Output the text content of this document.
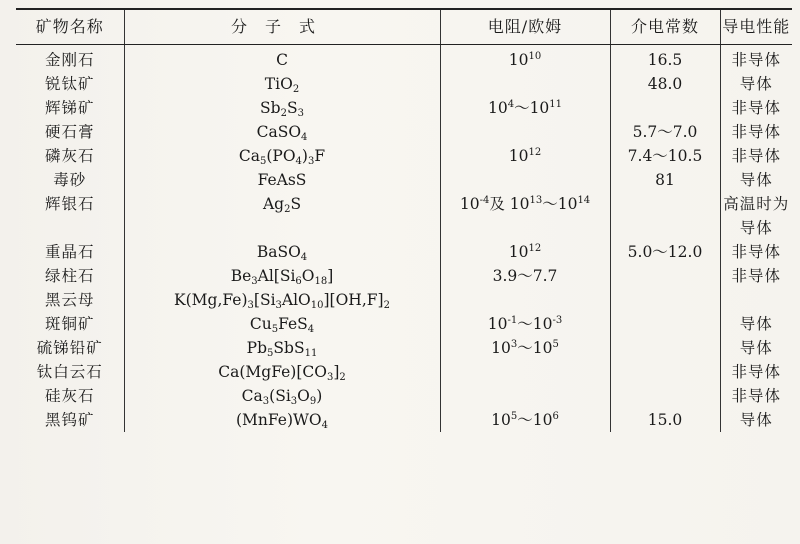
矿物名称	分子式	电阻/欧姆	介电常数	导电性能
金刚石	C	$10^{10}$	16.5	非导体
锐钛矿	TiO$_2$		48.0	导体
辉锑矿	$Sb_2S_3$	$10^4\sim 10^{11}$		非导体
硬石膏	CaSO$_4$		5.7～7.0	非导体
磷灰石	$Ca_5(PO_4)_3F$	$10^{12}$	7.4～10.5	非导体
毒砂	FeAsS		81	导体
辉银石	$Ag_2S$	$10^{-4}$及 $10^{13}\sim 10^{14}$		高温时为导体
重晶石	BaSO$_4$	$10^{12}$	5.0～12.0	非导体
绿柱石	$Be_3Al[Si_6O_{18}]$	3.9～7.7		非导体
黑云母	$K(Mg,Fe)_3[Si_3AlO_{10}][OH,F]_2$			
斑铜矿	$Cu_5FeS_4$	$10^{-1}\sim 10^{-3}$		导体
硫锑铅矿	$Pb_5SbS_{11}$	$10^3\sim 10^5$		导体
钛白云石	$Ca(MgFe)[CO_3]_2$			非导体
硅灰石	$Ca_3(Si_3O_9)$			非导体
黑钨矿	$(MnFe)WO_4$	$10^5\sim 10^6$	15.0	导体
